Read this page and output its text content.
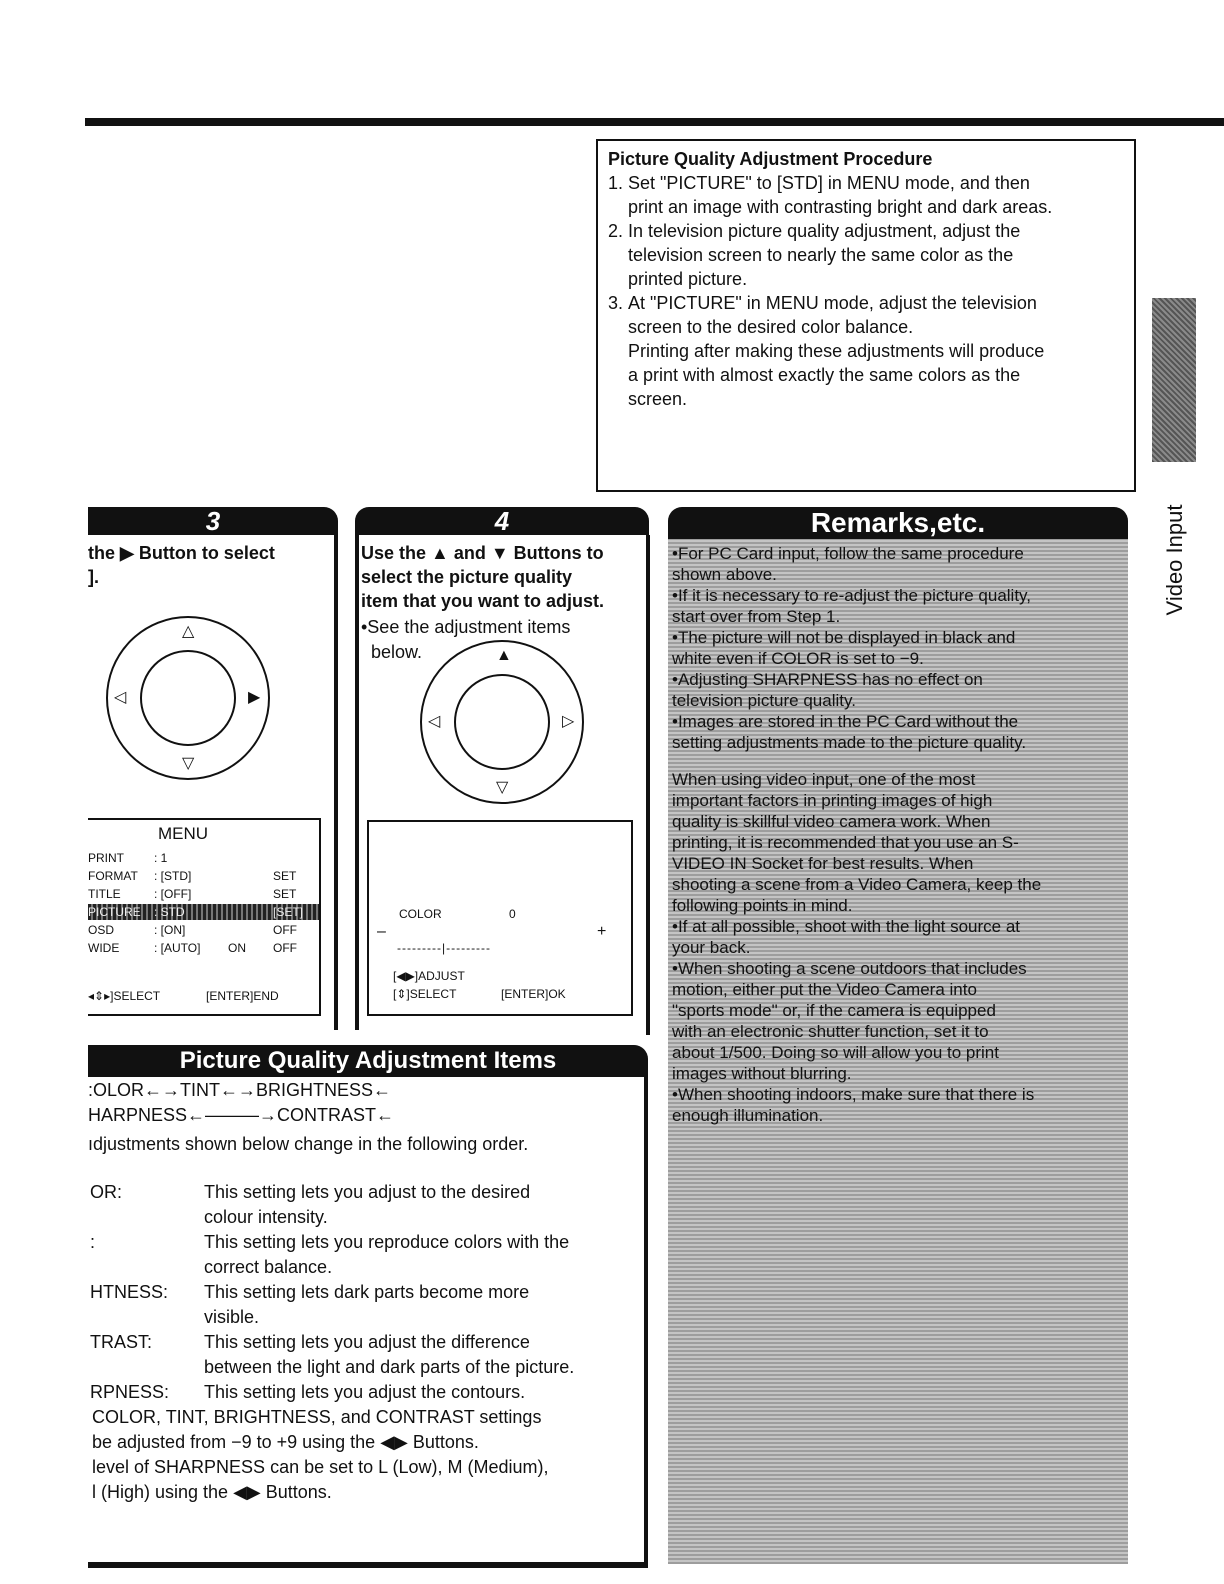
Picture Quality Adjustment Procedure
1. Set "PICTURE" to [STD] in MENU mode, and then
print an image with contrasting bright and dark areas.
2. In television picture quality adjustment, adjust the
television screen to nearly the same color as the
printed picture.
3. At "PICTURE" in MENU mode, adjust the television
screen to the desired color balance.
Printing after making these adjustments will produce
a print with almost exactly the same colors as the
screen.
Video Input
3
the ▶ Button to select
].
△
▽
◁	▶
MENU
PRINT	: 1
FORMAT : [STD]	SET
TITLE	: [OFF]	SET
PICTURE : STD	[SET]
OSD	: [ON]	OFF
WIDE	: [AUTO] ON OFF
◂⇕▸]SELECT	[ENTER]END
4
Use the ▲ and ▼ Buttons to
select the picture quality
item that you want to adjust.
•See the adjustment items
below.	▲
▽
◁	▷
COLOR	0
–	+
---------|---------
[◀▶]ADJUST
[⇕]SELECT	[ENTER]OK
Remarks,etc.
•For PC Card input, follow the same procedure
shown above.
•If it is necessary to re-adjust the picture quality,
start over from Step 1.
•The picture will not be displayed in black and
white even if COLOR is set to −9.
•Adjusting SHARPNESS has no effect on
television picture quality.
•Images are stored in the PC Card without the
setting adjustments made to the picture quality.
When using video input, one of the most
important factors in printing images of high
quality is skillful video camera work. When
printing, it is recommended that you use an S-
VIDEO IN Socket for best results. When
shooting a scene from a Video Camera, keep the
following points in mind.
•If at all possible, shoot with the light source at
your back.
•When shooting a scene outdoors that includes
motion, either put the Video Camera into
"sports mode" or, if the camera is equipped
with an electronic shutter function, set it to
about 1/500. Doing so will allow you to print
images without blurring.
•When shooting indoors, make sure that there is
enough illumination.
Picture Quality Adjustment Items
:OLOR←→TINT←→BRIGHTNESS←
HARPNESS←———→CONTRAST←
ıdjustments shown below change in the following order.
OR:	This setting lets you adjust to the desired
colour intensity.
:	This setting lets you reproduce colors with the
correct balance.
HTNESS:	This setting lets dark parts become more
visible.
TRAST:	This setting lets you adjust the difference
between the light and dark parts of the picture.
RPNESS:	This setting lets you adjust the contours.
COLOR, TINT, BRIGHTNESS, and CONTRAST settings
be adjusted from −9 to +9 using the ◀▶ Buttons.
level of SHARPNESS can be set to L (Low), M (Medium),
l (High) using the ◀▶ Buttons.
